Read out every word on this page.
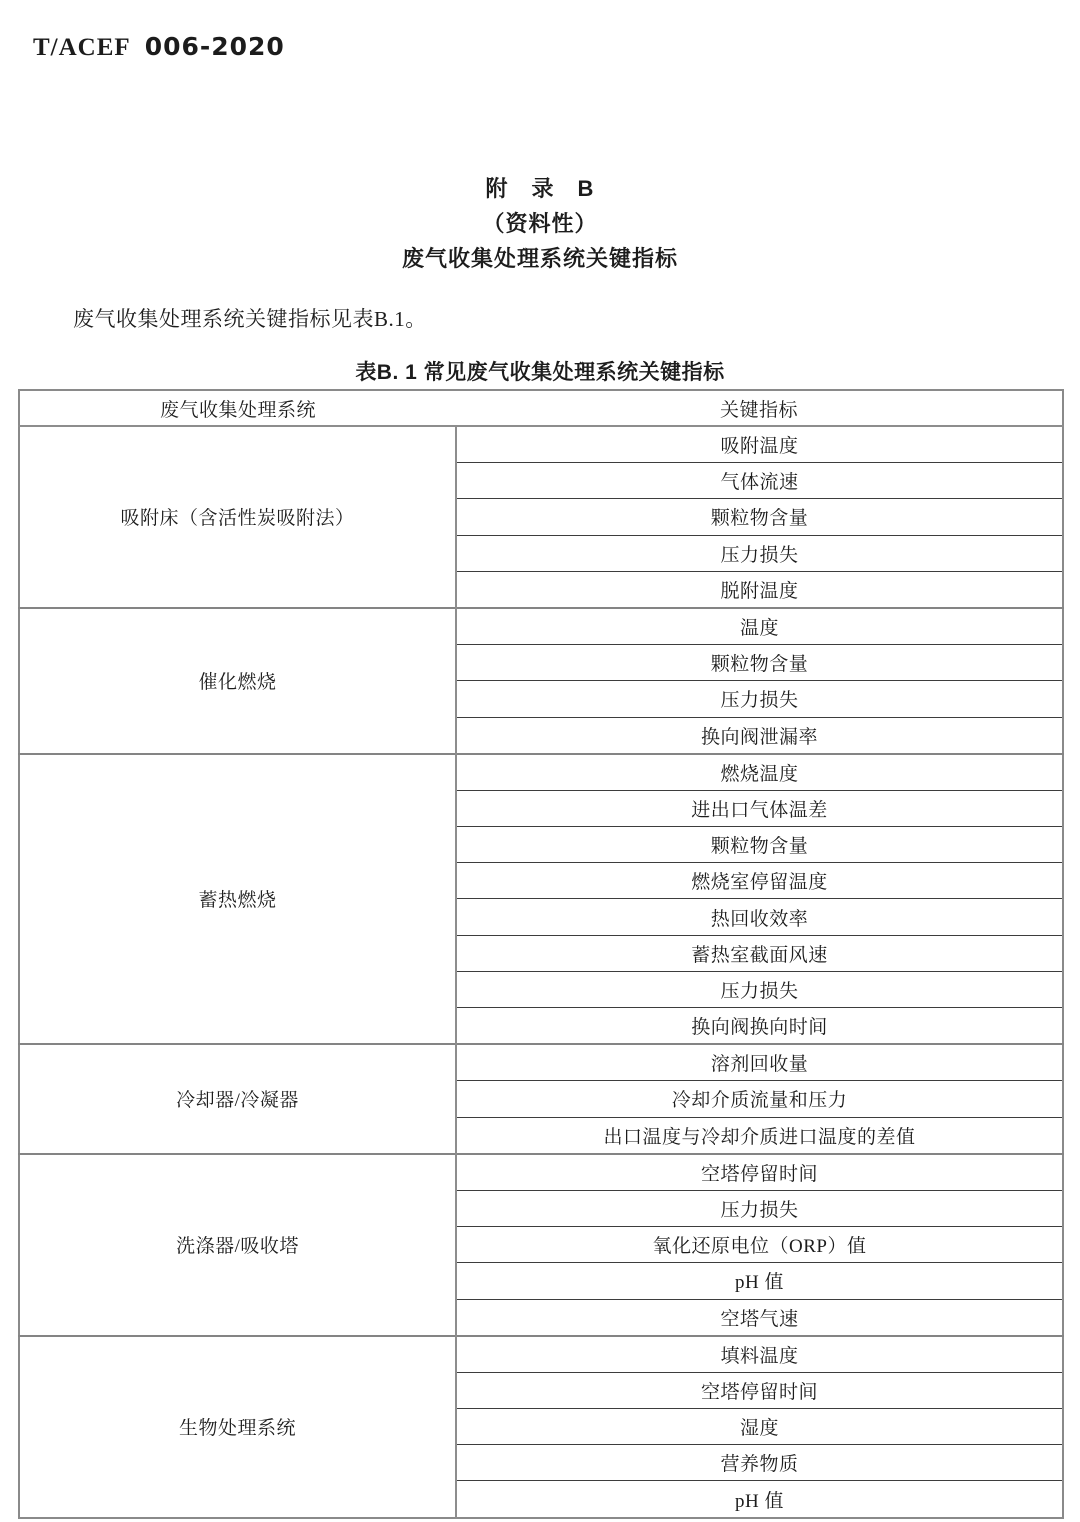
T/ACEF 006-2020
附　录　B
（资料性）
废气收集处理系统关键指标

废气收集处理系统关键指标见表B.1。

表B. 1 常见废气收集处理系统关键指标
废气收集处理系统	关键指标
吸附床（含活性炭吸附法）	吸附温度
	气体流速
	颗粒物含量
	压力损失
	脱附温度
催化燃烧	温度
	颗粒物含量
	压力损失
	换向阀泄漏率
蓄热燃烧	燃烧温度
	进出口气体温差
	颗粒物含量
	燃烧室停留温度
	热回收效率
	蓄热室截面风速
	压力损失
	换向阀换向时间
冷却器/冷凝器	溶剂回收量
	冷却介质流量和压力
	出口温度与冷却介质进口温度的差值
洗涤器/吸收塔	空塔停留时间
	压力损失
	氧化还原电位（ORP）值
	pH 值
	空塔气速
生物处理系统	填料温度
	空塔停留时间
	湿度
	营养物质
	pH 值
